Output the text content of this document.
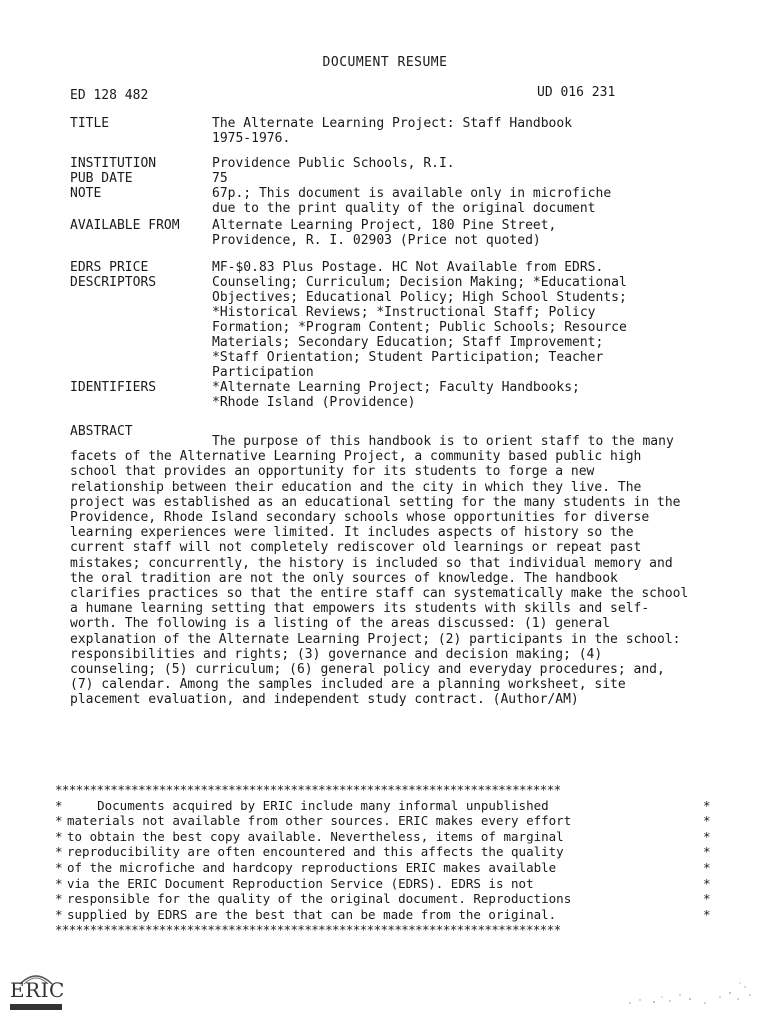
DOCUMENT RESUME
ED 128 482	UD 016 231
TITLE	The Alternate Learning Project: Staff Handbook
1975-1976.
INSTITUTION	Providence Public Schools, R.I.
PUB DATE	75
NOTE	67p.; This document is available only in microfiche
due to the print quality of the original document
AVAILABLE FROM	Alternate Learning Project, 180 Pine Street,
Providence, R. I. 02903 (Price not quoted)
EDRS PRICE	MF-$0.83 Plus Postage. HC Not Available from EDRS.
DESCRIPTORS	Counseling; Curriculum; Decision Making; *Educational
Objectives; Educational Policy; High School Students;
*Historical Reviews; *Instructional Staff; Policy
Formation; *Program Content; Public Schools; Resource
Materials; Secondary Education; Staff Improvement;
*Staff Orientation; Student Participation; Teacher
Participation
IDENTIFIERS	*Alternate Learning Project; Faculty Handbooks;
*Rhode Island (Providence)
ABSTRACT

The purpose of this handbook is to orient staff to the many facets of the Alternative Learning Project, a community based public high school that provides an opportunity for its students to forge a new relationship between their education and the city in which they live. The project was established as an educational setting for the many students in the Providence, Rhode Island secondary schools whose opportunities for diverse learning experiences were limited. It includes aspects of history so the current staff will not completely rediscover old learnings or repeat past mistakes; concurrently, the history is included so that individual memory and the oral tradition are not the only sources of knowledge. The handbook clarifies practices so that the entire staff can systematically make the school a humane learning setting that empowers its students with skills and self-worth. The following is a listing of the areas discussed: (1) general explanation of the Alternate Learning Project; (2) participants in the school: responsibilities and rights; (3) governance and decision making; (4) counseling; (5) curriculum; (6) general policy and everyday procedures; and, (7) calendar. Among the samples included are a planning worksheet, site placement evaluation, and independent study contract. (Author/AM)

*************************************************************************
* Documents acquired by ERIC include many informal unpublished	*
* materials not available from other sources. ERIC makes every effort	*
* to obtain the best copy available. Nevertheless, items of marginal	*
* reproducibility are often encountered and this affects the quality	*
* of the microfiche and hardcopy reproductions ERIC makes available	*
* via the ERIC Document Reproduction Service (EDRS). EDRS is not	*
* responsible for the quality of the original document. Reproductions	*
* supplied by EDRS are the best that can be made from the original.	*
*************************************************************************
ERIC
